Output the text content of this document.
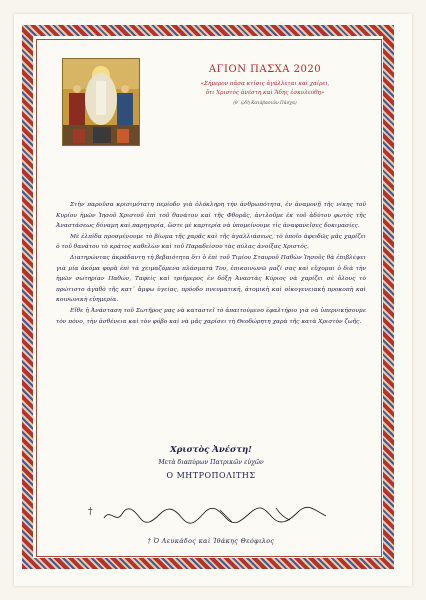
ΑΓΙΟΝ ΠΑΣΧΑ 2020
«Σήμερον πᾶσα κτίσις ἀγάλλεται καὶ χαίρει,
ὅτι Χριστὸς ἀνέστη καὶ Ἅδης ἐσκυλεύθη»
(θ΄ ᾠδὴ Κατάβασιῶν Πάσχα)

Στὴν παροῦσα κρισιμότατη περίοδο γιὰ ὁλόκληρη τὴν ἀνθρωπότητα, ἐν ἀναμονῇ τῆς νίκης τοῦ Κυρίου ἡμῶν Ἰησοῦ Χριστοῦ ἐπὶ τοῦ θανάτου καὶ τῆς Φθορᾶς, ἀντλοῦμε ἐκ τοῦ ἀδύτου φωτὸς τῆς Ἀναστάσεως δύναμη καὶ παρηγορία, ὥστε μὲ καρτερία νὰ ὑπομείνουμε τὶς ἀναφανεῖσες δοκιμασίες.

Μὲ ἐλπίδα προσμένουμε τὸ βίωμα τῆς χαρᾶς καὶ τῆς ἀγαλλιάσεως, τὸ ὁποῖο ἀφειδῶς μᾶς χαρίζει ὁ τοῦ θανάτου τὸ κράτος καθελὼν καὶ τοῦ Παραδείσου τὰς πύλας ἀνοίξας Χριστός.

Διατηρώντας ἀκράδαντη τὴ βεβαιότητα ὅτι ὁ ἐπὶ τοῦ Τιμίου Σταυροῦ Παθὼν Ἰησοῦς θὰ ἐπιβλέψει γιὰ μία ἀκόμα φορὰ ἐπὶ τὰ χειμαζόμενα πλάσματά Του, ἐπικοινωνῶ μαζί σας καὶ εὔχομαι ὁ διὰ τὴν ἡμῶν σωτηρίαν Παθών, Ταφεὶς καὶ τριήμερος ἐν δόξῃ Ἀναστὰς Κύριος νὰ χαρίζει σὲ ὅλους τὸ πρώτιστο ἀγαθὸ τῆς κατ᾽ ἄμφω ὑγείας, πρόοδο πνευματική, ἀτομικὴ καὶ οἰκογενειακὴ προκοπὴ καὶ κοινωνικὴ εὐημερία.

Εἴθε ἡ Ἀνάσταση τοῦ Σωτῆρος μας νὰ καταστεῖ τὸ ἀπαιτούμενο ἐφαλτήριο γιὰ νὰ ὑπερνικήσουμε τὸν πόνο, τὴν ἀσθένεια καὶ τὸν φόβο καὶ νὰ μᾶς χαρίσει τὴ Θεοδώρητη χαρὰ τῆς κατὰ Χριστὸν ζωῆς.

Χριστὸς Ἀνέστη!
Μετὰ διαπύρων Πατρικῶν εὐχῶν
Ο ΜΗΤΡΟΠΟΛΙΤΗΣ
†
† Ὁ Λευκάδος καὶ Ἰθάκης Θεόφιλος
